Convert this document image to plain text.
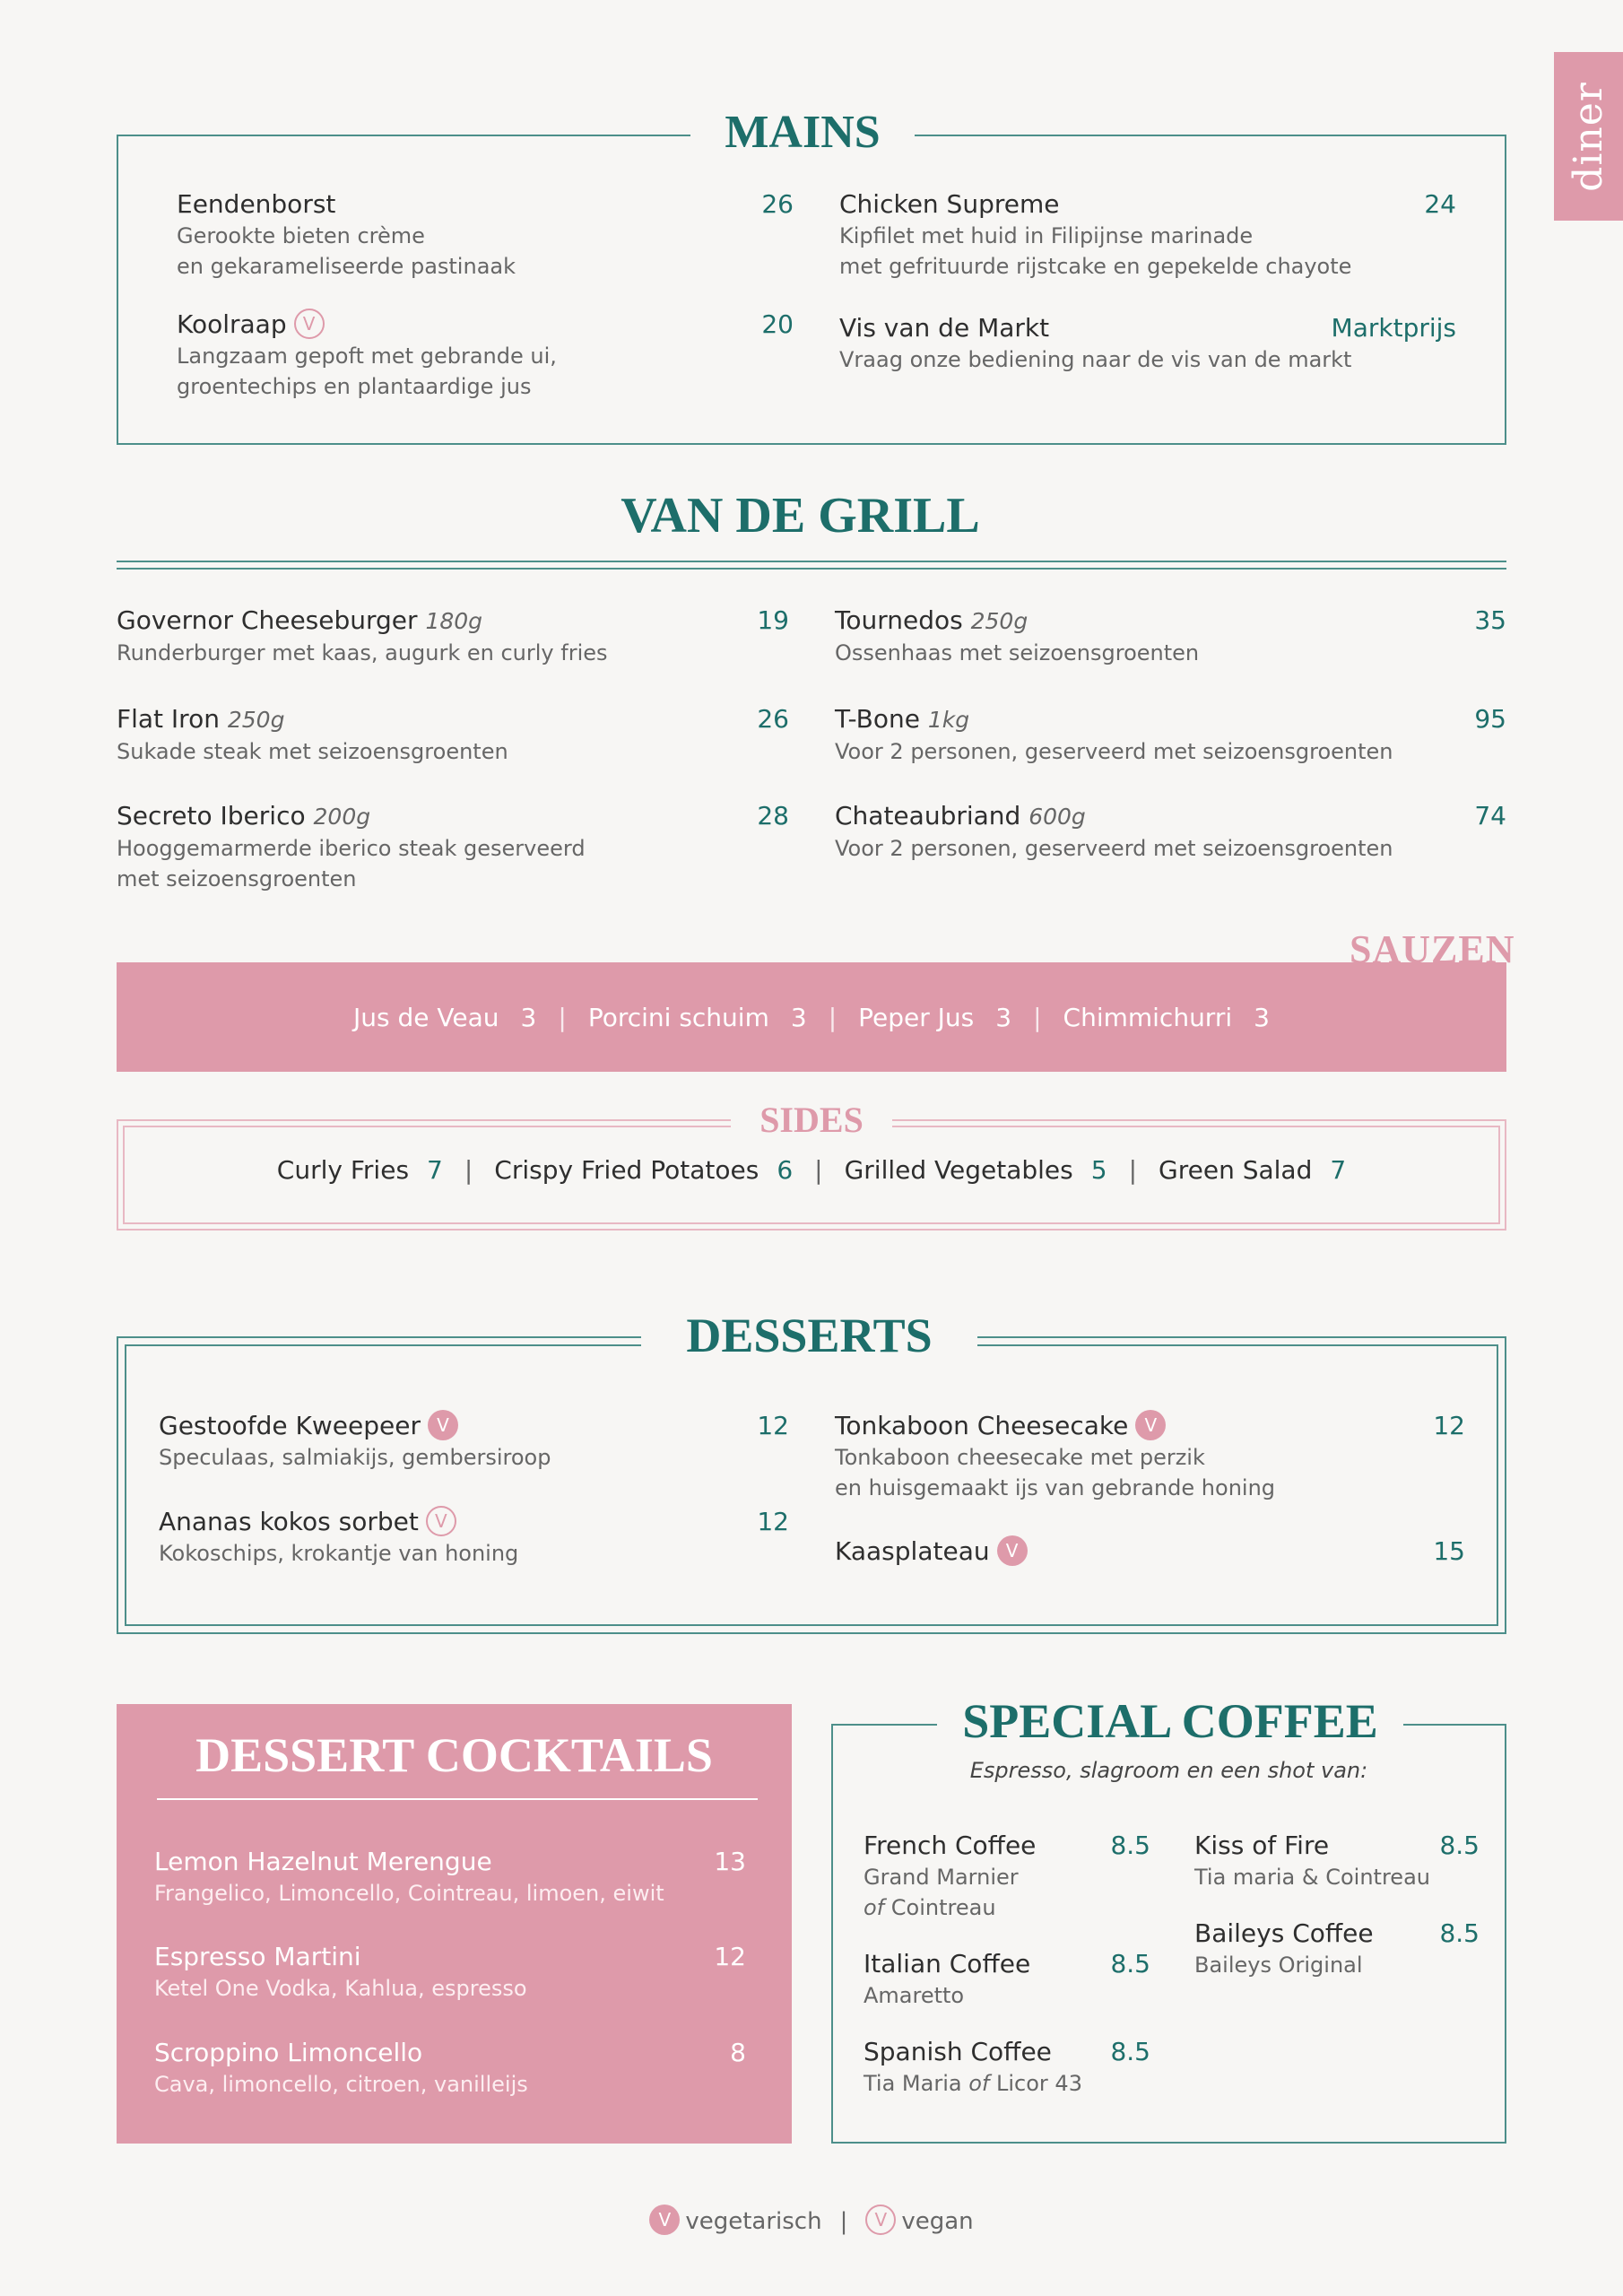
diner
MAINS
Eendenborst	26
Gerookte bieten crème
en gekarameliseerde pastinaak
Chicken Supreme	24
Kipfilet met huid in Filipijnse marinade
met gefrituurde rijstcake en gepekelde chayote
Koolraap V	20
Langzaam gepoft met gebrande ui,
groentechips en plantaardige jus
Vis van de Markt	Marktprijs
Vraag onze bediening naar de vis van de markt
VAN DE GRILL
Governor Cheeseburger 180g	19
Runderburger met kaas, augurk en curly fries
Tournedos 250g	35
Ossenhaas met seizoensgroenten
Flat Iron 250g	26
Sukade steak met seizoensgroenten
T-Bone 1kg	95
Voor 2 personen, geserveerd met seizoensgroenten
Secreto Iberico 200g	28
Hooggemarmerde iberico steak geserveerd
met seizoensgroenten
Chateaubriand 600g	74
Voor 2 personen, geserveerd met seizoensgroenten
Jus de Veau 3 | Porcini schuim 3 | Peper Jus 3 | Chimmichurri 3
SAUZEN
SIDES
Curly Fries 7 | Crispy Fried Potatoes 6 | Grilled Vegetables 5 | Green Salad 7
DESSERTS
Gestoofde Kweepeer V	12
Speculaas, salmiakijs, gembersiroop
Tonkaboon Cheesecake V	12
Tonkaboon cheesecake met perzik
en huisgemaakt ijs van gebrande honing
Ananas kokos sorbet V	12
Kokoschips, krokantje van honing	Kaasplateau V	15
DESSERT COCKTAILS
Lemon Hazelnut Merengue	13
Frangelico, Limoncello, Cointreau, limoen, eiwit
Espresso Martini	12
Ketel One Vodka, Kahlua, espresso
Scroppino Limoncello	8
Cava, limoncello, citroen, vanilleijs
SPECIAL COFFEE
Espresso, slagroom en een shot van:
French Coffee	8.5
Grand Marnier
of Cointreau
Kiss of Fire	8.5
Tia maria & Cointreau
Italian Coffee	8.5
Amaretto
Baileys Coffee	8.5
Baileys Original
Spanish Coffee	8.5
Tia Maria of Licor 43
V vegetarisch |	V vegan
